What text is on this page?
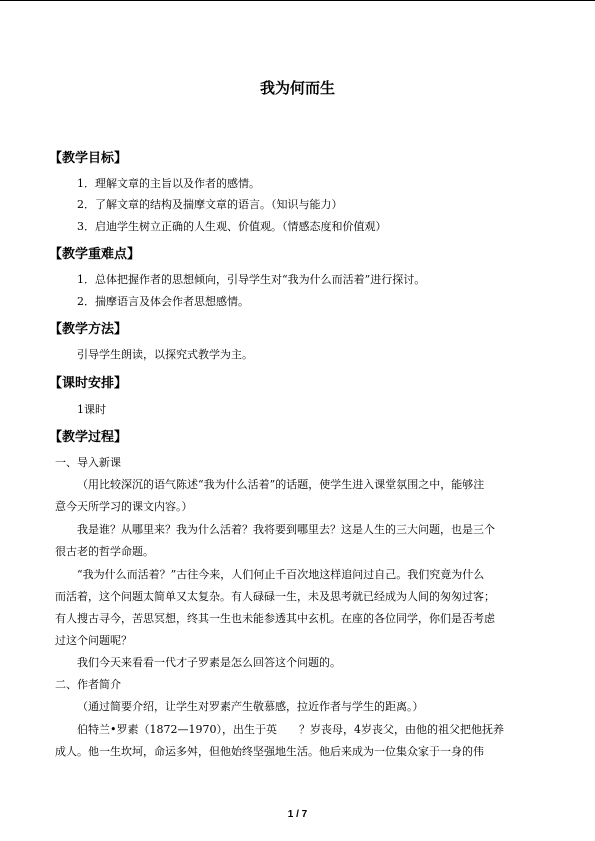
我为何而生
【教学目标】
1．理解文章的主旨以及作者的感情。
2．了解文章的结构及揣摩文章的语言。（知识与能力）
3．启迪学生树立正确的人生观、价值观。（情感态度和价值观）
【教学重难点】
1．总体把握作者的思想倾向，引导学生对“我为什么而活着”进行探讨。
2．揣摩语言及体会作者思想感情。
【教学方法】
引导学生朗读，以探究式教学为主。
【课时安排】
1课时
【教学过程】
一、导入新课
（用比较深沉的语气陈述“我为什么活着”的话题，使学生进入课堂氛围之中，能够注
意今天所学习的课文内容。）
我是谁？从哪里来？我为什么活着？我将要到哪里去？这是人生的三大问题，也是三个
很古老的哲学命题。
“我为什么而活着？”古往今来，人们何止千百次地这样追问过自己。我们究竟为什么
而活着，这个问题太简单又太复杂。有人碌碌一生，未及思考就已经成为人间的匆匆过客；
有人搜古寻今，苦思冥想，终其一生也未能参透其中玄机。在座的各位同学，你们是否考虑
过这个问题呢？
我们今天来看看一代才子罗素是怎么回答这个问题的。
二、作者简介
（通过简要介绍，让学生对罗素产生敬慕感，拉近作者与学生的距离。）
伯特兰•罗素（1872—1970），出生于英　　？岁丧母，4岁丧父，由他的祖父把他抚养
成人。他一生坎坷，命运多舛，但他始终坚强地生活。他后来成为一位集众家于一身的伟
1 / 7
